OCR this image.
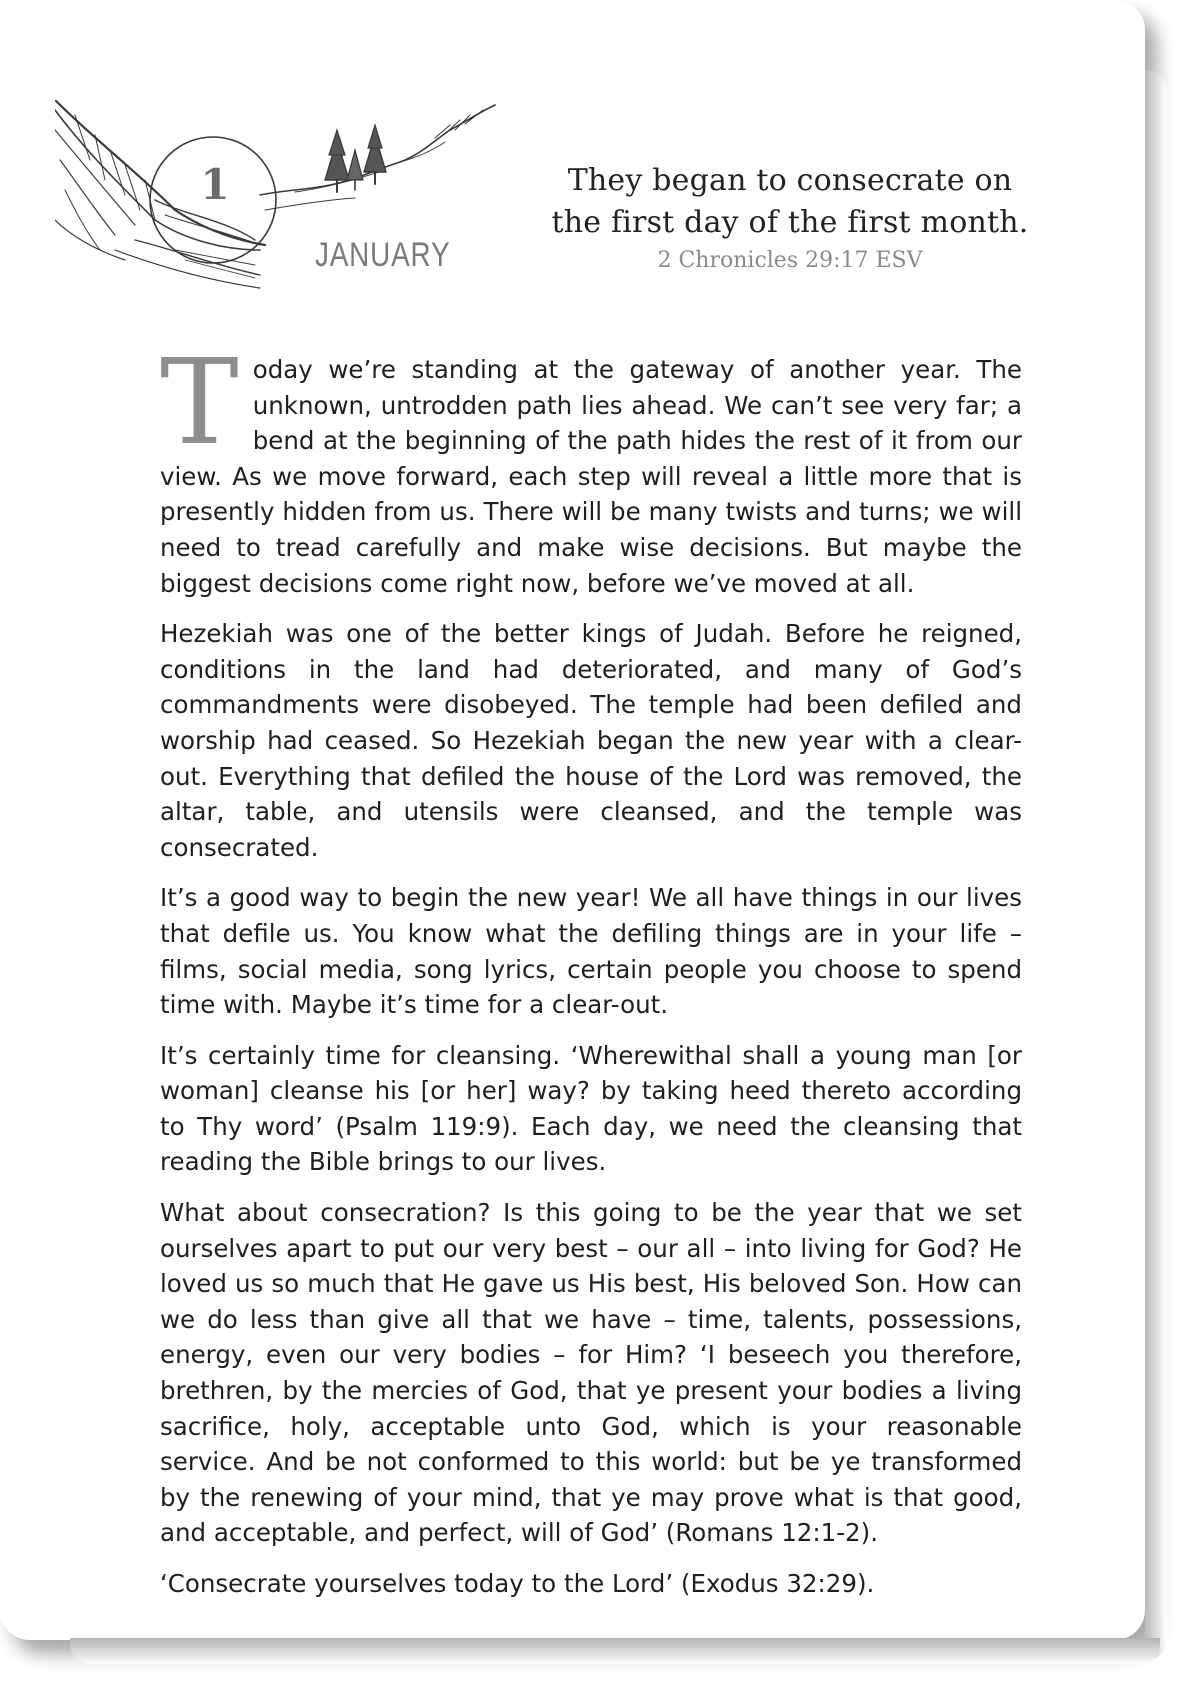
1
JANUARY
They began to consecrate on
the first day of the first month.
2 Chronicles 29:17 ESV

Today we’re standing at the gateway of another year. The unknown, untrodden path lies ahead. We can’t see very far; a bend at the beginning of the path hides the rest of it from our view. As we move forward, each step will reveal a little more that is presently hidden from us. There will be many twists and turns; we will need to tread carefully and make wise decisions. But maybe the biggest decisions come right now, before we’ve moved at all.

Hezekiah was one of the better kings of Judah. Before he reigned, conditions in the land had deteriorated, and many of God’s commandments were disobeyed. The temple had been defiled and worship had ceased. So Hezekiah began the new year with a clear-out. Everything that defiled the house of the Lord was removed, the altar, table, and utensils were cleansed, and the temple was consecrated.

It’s a good way to begin the new year! We all have things in our lives that defile us. You know what the defiling things are in your life – films, social media, song lyrics, certain people you choose to spend time with. Maybe it’s time for a clear-out.

It’s certainly time for cleansing. ‘Wherewithal shall a young man [or woman] cleanse his [or her] way? by taking heed thereto according to Thy word’ (Psalm 119:9). Each day, we need the cleansing that reading the Bible brings to our lives.

What about consecration? Is this going to be the year that we set ourselves apart to put our very best – our all – into living for God? He loved us so much that He gave us His best, His beloved Son. How can we do less than give all that we have – time, talents, possessions, energy, even our very bodies – for Him? ‘I beseech you therefore, brethren, by the mercies of God, that ye present your bodies a living sacrifice, holy, acceptable unto God, which is your reasonable service. And be not conformed to this world: but be ye transformed by the renewing of your mind, that ye may prove what is that good, and acceptable, and perfect, will of God’ (Romans 12:1-2).

‘Consecrate yourselves today to the Lord’ (Exodus 32:29).
